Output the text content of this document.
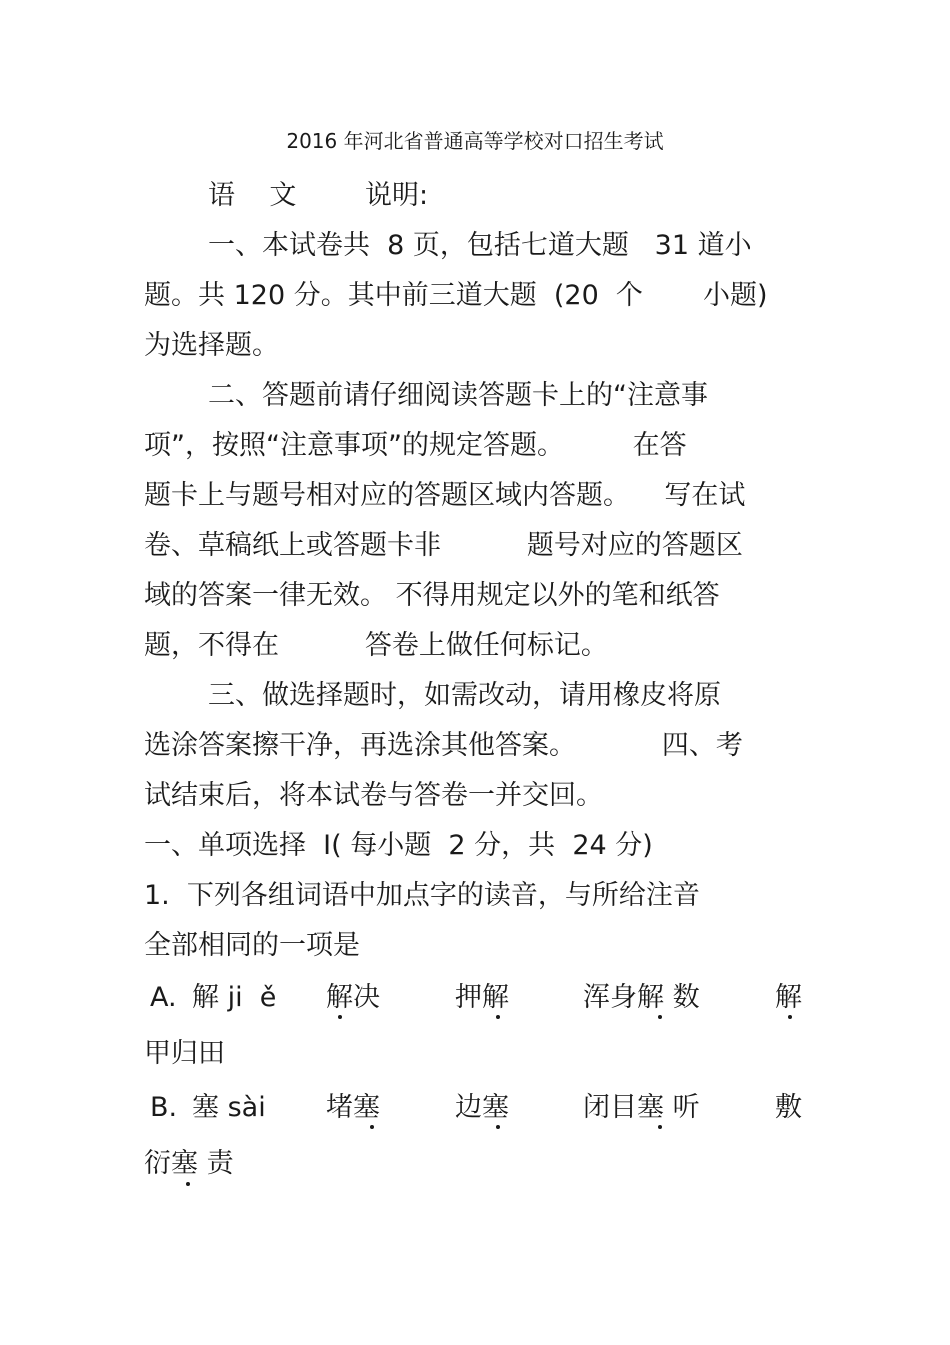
2016 年河北省普通高等学校对口招生考试
语    文        说明:
一、本试卷共  8 页，包括七道大题   31 道小
题。共 120 分。其中前三道大题  (20  个       小题)
为选择题。
二、答题前请仔细阅读答题卡上的“注意事
项”，按照“注意事项”的规定答题。        在答
题卡上与题号相对应的答题区域内答题。    写在试
卷、草稿纸上或答题卡非          题号对应的答题区
域的答案一律无效。 不得用规定以外的笔和纸答
题，不得在          答卷上做任何标记。
三、做选择题时，如需改动，请用橡皮将原
选涂答案擦干净，再选涂其他答案。          四、考
试结束后，将本试卷与答卷一并交回。
一、单项选择  Ⅰ( 每小题  2 分，共  24 分)
1.  下列各组词语中加点字的读音，与所给注音
全部相同的一项是
A. 解 ji  ě 解决	押解	浑身解 数	解
甲归田
B. 塞 sài 堵塞	边塞	闭目塞 听	敷
衍塞 责
